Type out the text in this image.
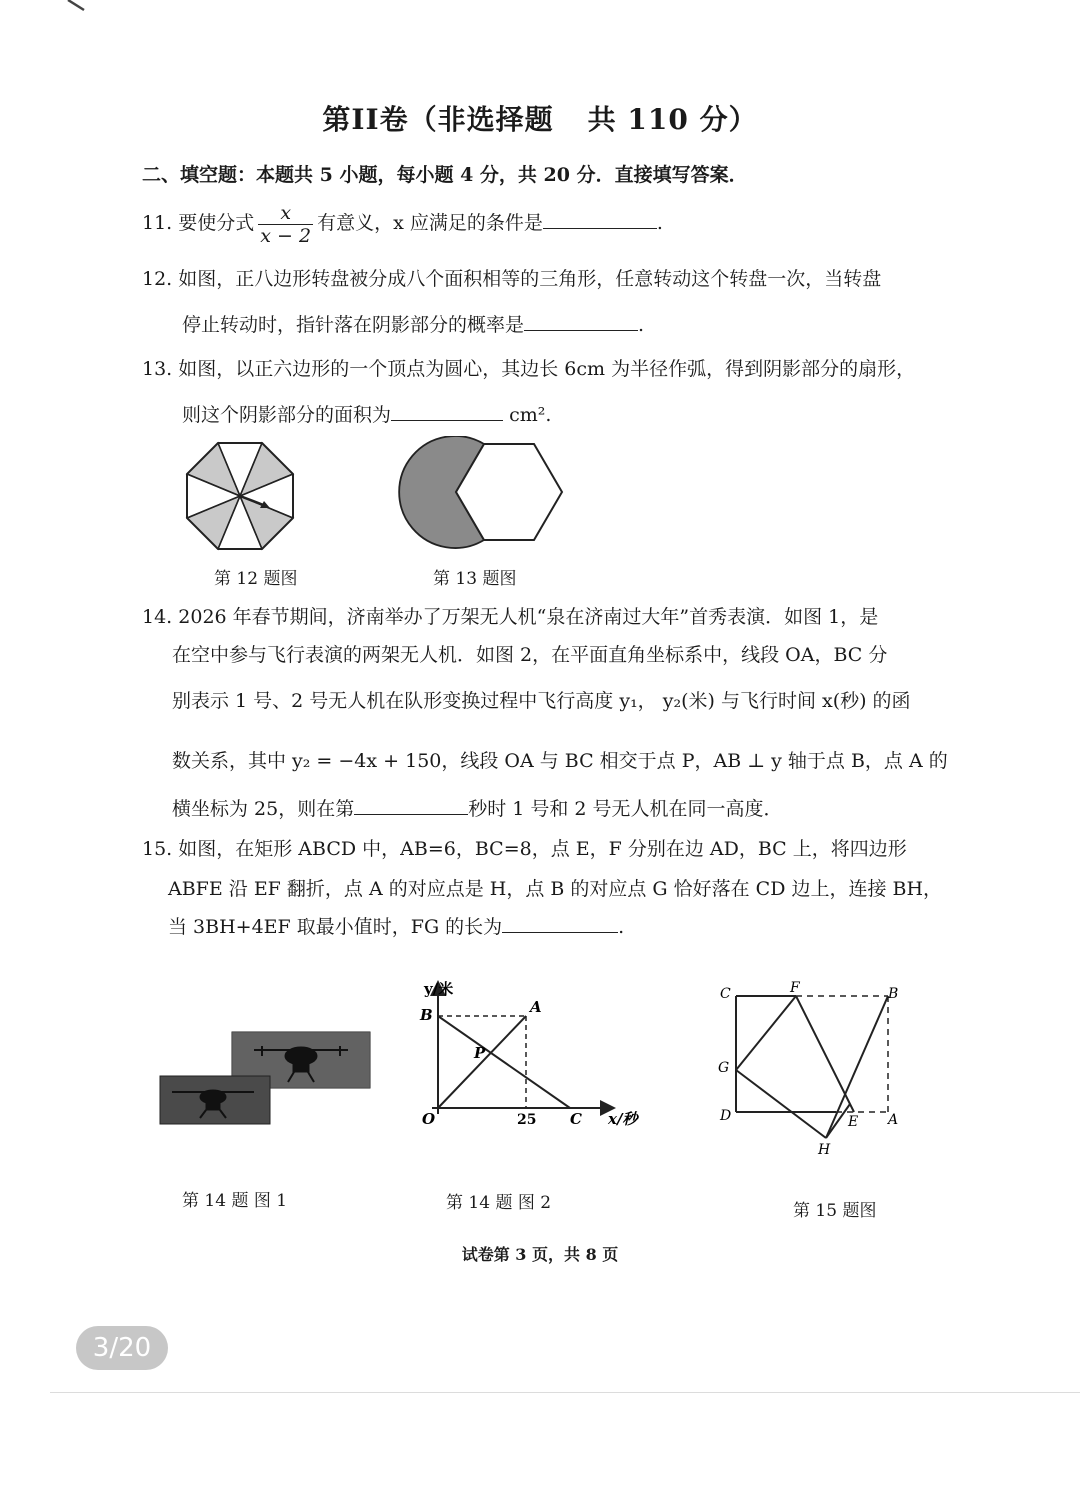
第II卷（非选择题 共 110 分）
二、填空题：本题共 5 小题，每小题 4 分，共 20 分．直接填写答案．
11. 要使分式 $\frac{x}{x - 2}$ 有意义，x 应满足的条件是	.
12. 如图，正八边形转盘被分成八个面积相等的三角形，任意转动这个转盘一次，当转盘
停止转动时，指针落在阴影部分的概率是	.
13. 如图，以正六边形的一个顶点为圆心，其边长 6cm 为半径作弧，得到阴影部分的扇形，
则这个阴影部分的面积为	cm².
第 12 题图	第 13 题图
14. 2026 年春节期间，济南举办了万架无人机“泉在济南过大年”首秀表演．如图 1，是
在空中参与飞行表演的两架无人机．如图 2，在平面直角坐标系中，线段 OA，BC 分
别表示 1 号、2 号无人机在队形变换过程中飞行高度 y₁， y₂(米) 与飞行时间 x(秒) 的函
数关系，其中 y₂ = −4x + 150，线段 OA 与 BC 相交于点 P，AB ⊥ y 轴于点 B，点 A 的
横坐标为 25，则在第	秒时 1 号和 2 号无人机在同一高度．
15. 如图，在矩形 ABCD 中，AB=6，BC=8，点 E，F 分别在边 AD，BC 上，将四边形
ABFE 沿 EF 翻折，点 A 的对应点是 H，点 B 的对应点 G 恰好落在 CD 边上，连接 BH，
当 3BH+4EF 取最小值时，FG 的长为	.
第 14 题 图 1
y/米
x/秒
B	A
P
O	25 C
第 14 题 图 2
C	F	B
G
D	E A
H
第 15 题图
试卷第 3 页，共 8 页
3/20
